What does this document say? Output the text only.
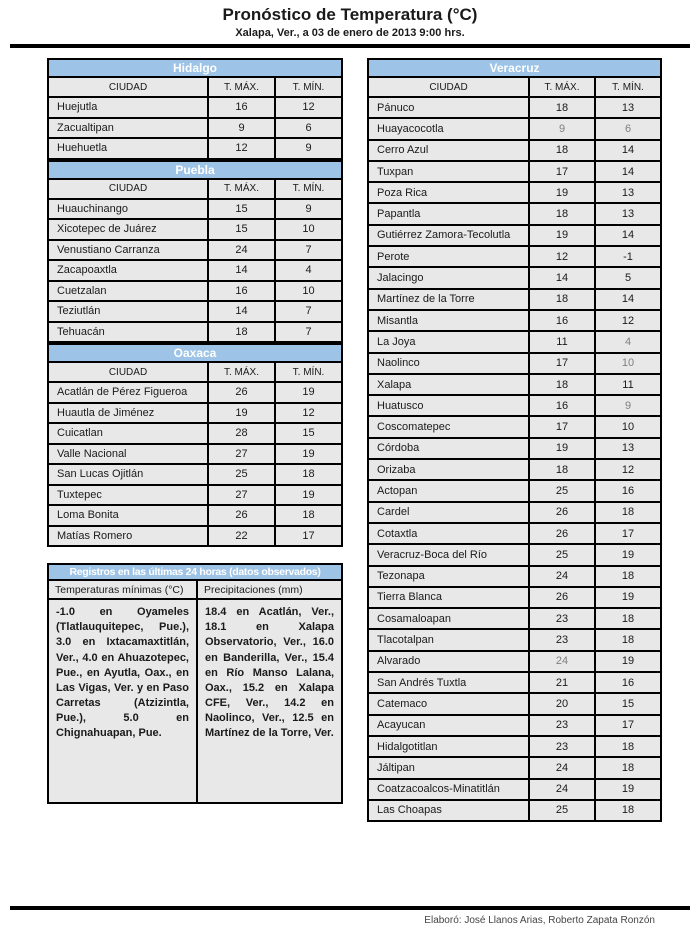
Pronóstico de Temperatura (°C)
Xalapa, Ver., a 03 de enero de 2013 9:00 hrs.
Hidalgo		
CIUDAD	T. MÁX.	T. MÍN.
Huejutla	16	12
Zacualtipan	9	6
Huehuetla	12	9
Puebla		
CIUDAD	T. MÁX.	T. MÍN.
Huauchinango	15	9
Xicotepec de Juárez	15	10
Venustiano Carranza	24	7
Zacapoaxtla	14	4
Cuetzalan	16	10
Teziutlán	14	7
Tehuacán	18	7
Oaxaca		
CIUDAD	T. MÁX.	T. MÍN.
Acatlán de Pérez Figueroa	26	19
Huautla de Jiménez	19	12
Cuicatlan	28	15
Valle Nacional	27	19
San Lucas Ojitlán	25	18
Tuxtepec	27	19
Loma Bonita	26	18
Matías Romero	22	17
Registros en las últimas 24 horas (datos observados)	
Temperaturas mínimas (°C)	Precipitaciones (mm)
-1.0 en Oyameles (Tlatlauquitepec, Pue.), 3.0 en Ixtacamaxtitlán, Ver., 4.0 en Ahuazotepec, Pue., en Ayutla, Oax., en Las Vigas, Ver. y en Paso Carretas (Atzizintla, Pue.), 5.0 en Chignahuapan, Pue.	18.4 en Acatlán, Ver., 18.1 en Xalapa Observatorio, Ver., 16.0 en Banderilla, Ver., 15.4 en Río Manso Lalana, Oax., 15.2 en Xalapa CFE, Ver., 14.2 en Naolinco, Ver., 12.5 en Martínez de la Torre, Ver.
Veracruz		
CIUDAD	T. MÁX.	T. MÍN.
Pánuco	18	13
Huayacocotla	9	6
Cerro Azul	18	14
Tuxpan	17	14
Poza Rica	19	13
Papantla	18	13
Gutiérrez Zamora-Tecolutla	19	14
Perote	12	-1
Jalacingo	14	5
Martínez de la Torre	18	14
Misantla	16	12
La Joya	11	4
Naolinco	17	10
Xalapa	18	11
Huatusco	16	9
Coscomatepec	17	10
Córdoba	19	13
Orizaba	18	12
Actopan	25	16
Cardel	26	18
Cotaxtla	26	17
Veracruz-Boca del Río	25	19
Tezonapa	24	18
Tierra Blanca	26	19
Cosamaloapan	23	18
Tlacotalpan	23	18
Alvarado	24	19
San Andrés Tuxtla	21	16
Catemaco	20	15
Acayucan	23	17
Hidalgotitlan	23	18
Jáltipan	24	18
Coatzacoalcos-Minatitlán	24	19
Las Choapas	25	18
Elaboró: José Llanos Arias, Roberto Zapata Ronzón
